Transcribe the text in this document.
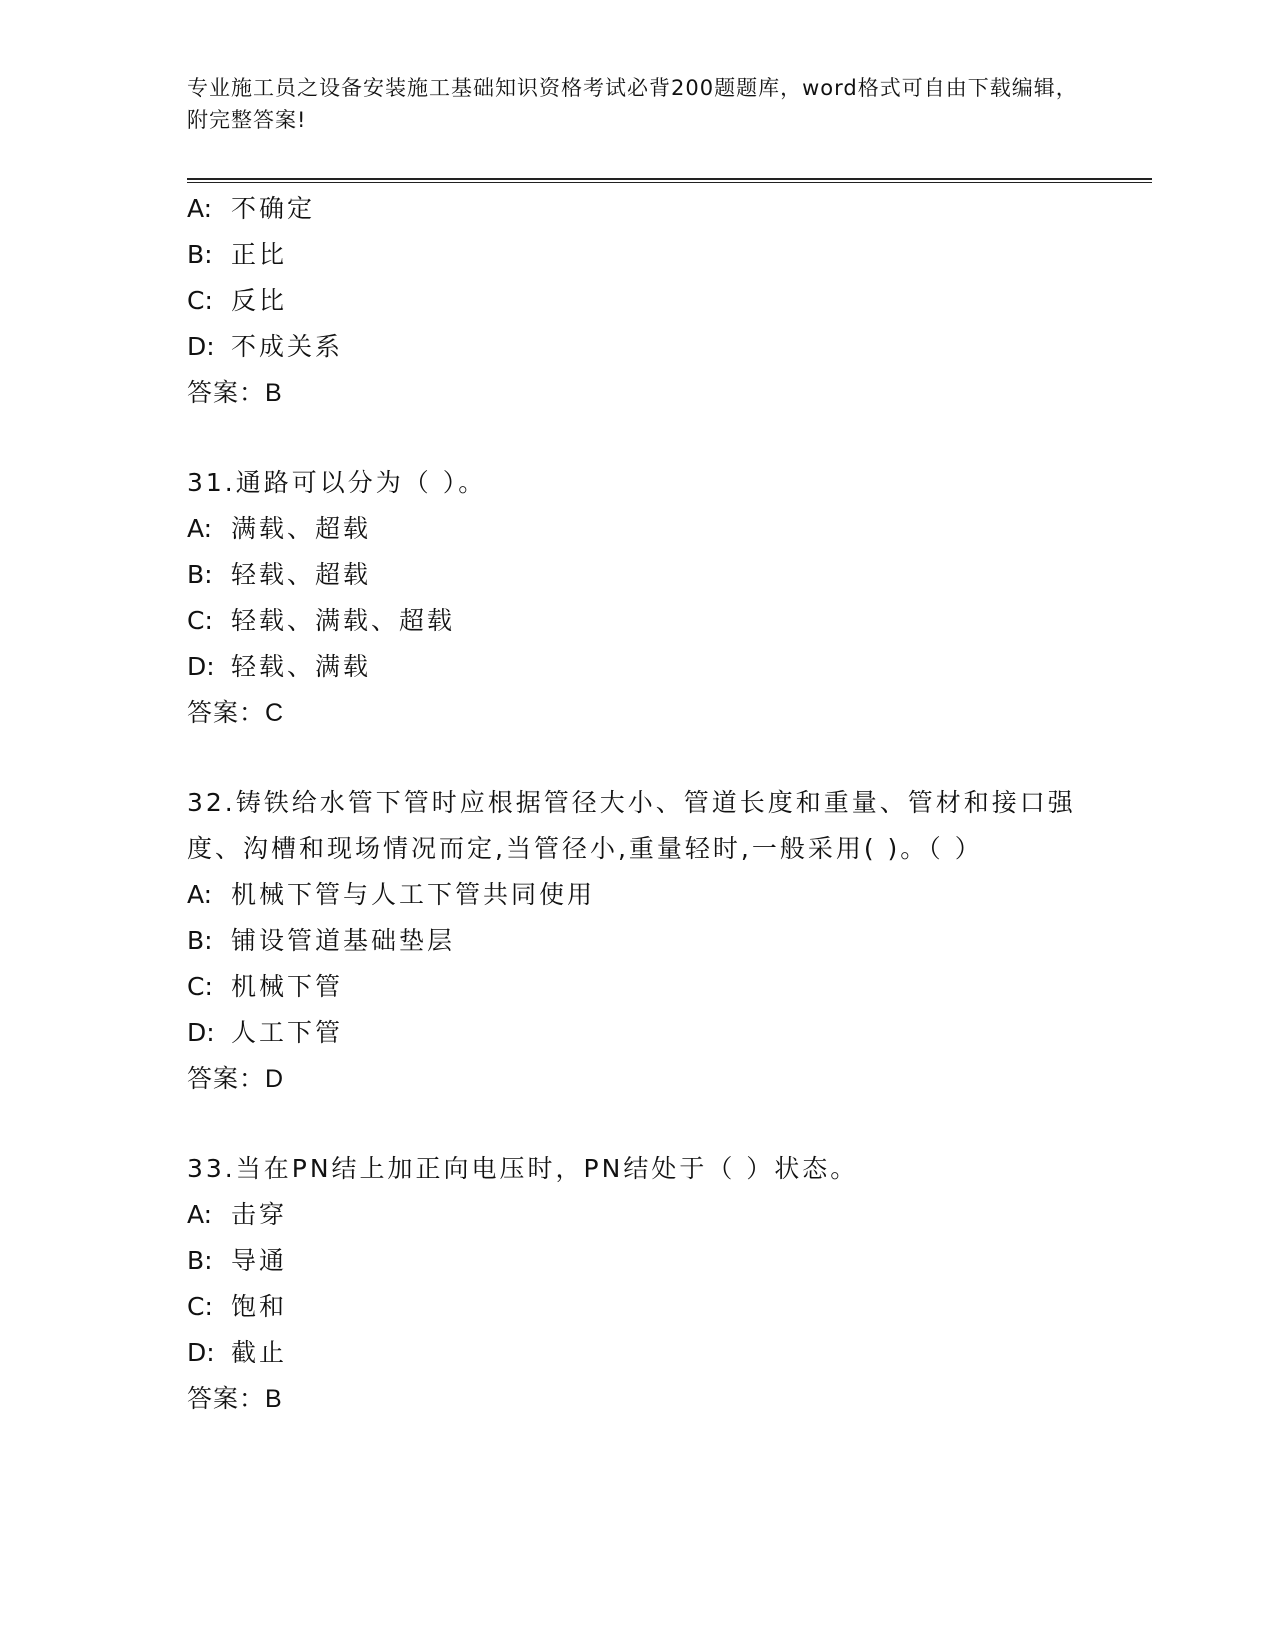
专业施工员之设备安装施工基础知识资格考试必背200题题库，word格式可自由下载编辑，附完整答案!
A: 不确定
B: 正比
C: 反比
D: 不成关系
答案：B
31.通路可以分为（ ）。
A: 满载、超载
B: 轻载、超载
C: 轻载、满载、超载
D: 轻载、满载
答案：C
32.铸铁给水管下管时应根据管径大小、管道长度和重量、管材和接口强度、沟槽和现场情况而定,当管径小,重量轻时,一般采用( )。（ ）
A: 机械下管与人工下管共同使用
B: 铺设管道基础垫层
C: 机械下管
D: 人工下管
答案：D
33.当在PN结上加正向电压时，PN结处于（ ）状态。
A: 击穿
B: 导通
C: 饱和
D: 截止
答案：B
